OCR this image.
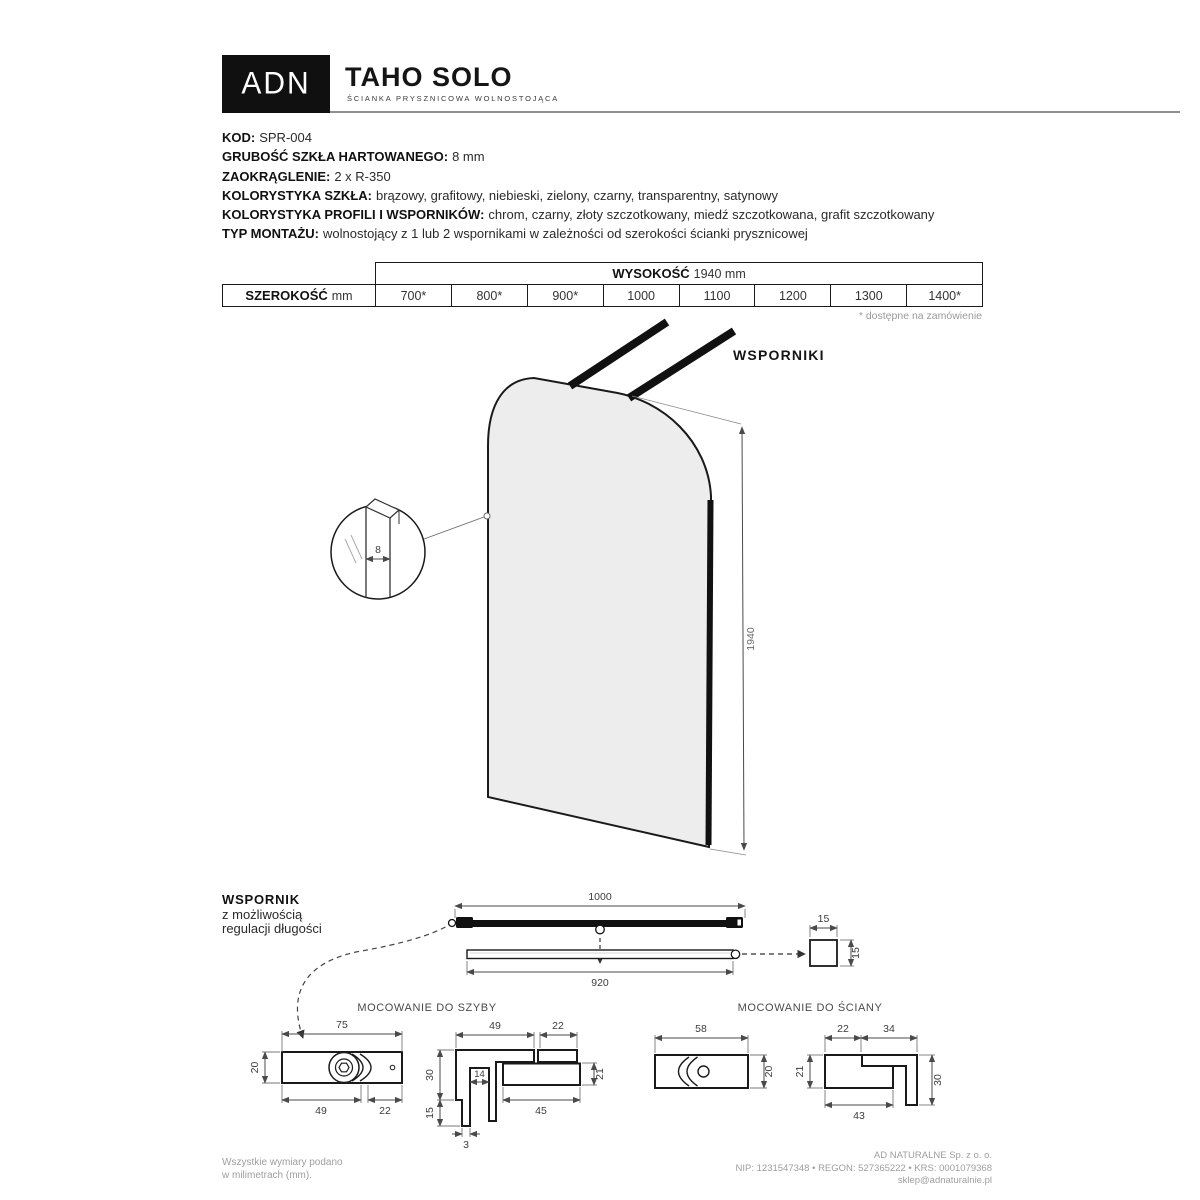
1940
8
1000
920
15
15
75
20
49	22
49	22
30
15
14
3
45
21
58
20
22	34
21
43
30
ADN TAHO SOLO
ŚCIANKA PRYSZNICOWA WOLNOSTOJĄCA
KOD: SPR-004
GRUBOŚĆ SZKŁA HARTOWANEGO: 8 mm
ZAOKRĄGLENIE: 2 x R-350
KOLORYSTYKA SZKŁA: brązowy, grafitowy, niebieski, zielony, czarny, transparentny, satynowy
KOLORYSTYKA PROFILI I WSPORNIKÓW: chrom, czarny, złoty szczotkowany, miedź szczotkowana, grafit szczotkowany
TYP MONTAŻU: wolnostojący z 1 lub 2 wspornikami w zależności od szerokości ścianki prysznicowej
	WYSOKOŚĆ 1940 mm							
SZEROKOŚĆ mm	700*	800*	900*	1000	1100	1200	1300	1400*
* dostępne na zamówienie
WSPORNIKI
WSPORNIK
z możliwością
regulacji długości
MOCOWANIE DO SZYBY	MOCOWANIE DO ŚCIANY
Wszystkie wymiary podano
w milimetrach (mm).
AD NATURALNE Sp. z o. o.
NIP: 1231547348 • REGON: 527365222 • KRS: 0001079368
sklep@adnaturalnie.pl
